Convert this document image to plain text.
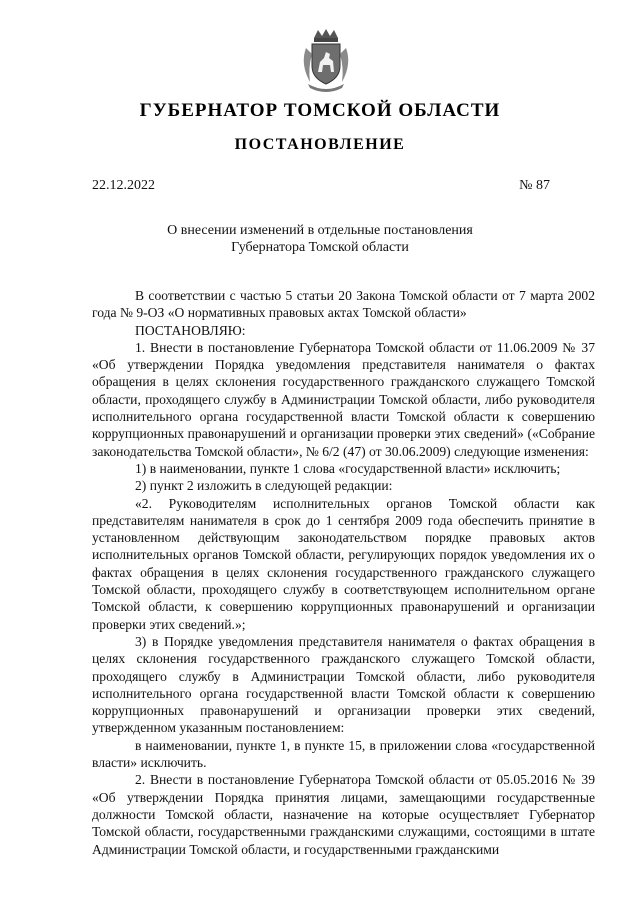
ГУБЕРНАТОР ТОМСКОЙ ОБЛАСТИ
ПОСТАНОВЛЕНИЕ
22.12.2022	№ 87
О внесении изменений в отдельные постановления
Губернатора Томской области

В соответствии с частью 5 статьи 20 Закона Томской области от 7 марта 2002 года № 9-ОЗ «О нормативных правовых актах Томской области»

ПОСТАНОВЛЯЮ:

1. Внести в постановление Губернатора Томской области от 11.06.2009 № 37 «Об утверждении Порядка уведомления представителя нанимателя о фактах обращения в целях склонения государственного гражданского служащего Томской области, проходящего службу в Администрации Томской области, либо руководителя исполнительного органа государственной власти Томской области к совершению коррупционных правонарушений и организации проверки этих сведений» («Собрание законодательства Томской области», № 6/2 (47) от 30.06.2009) следующие изменения:

1) в наименовании, пункте 1 слова «государственной власти» исключить;

2) пункт 2 изложить в следующей редакции:

«2. Руководителям исполнительных органов Томской области как представителям нанимателя в срок до 1 сентября 2009 года обеспечить принятие в установленном действующим законодательством порядке правовых актов исполнительных органов Томской области, регулирующих порядок уведомления их о фактах обращения в целях склонения государственного гражданского служащего Томской области, проходящего службу в соответствующем исполнительном органе Томской области, к совершению коррупционных правонарушений и организации проверки этих сведений.»;

3) в Порядке уведомления представителя нанимателя о фактах обращения в целях склонения государственного гражданского служащего Томской области, проходящего службу в Администрации Томской области, либо руководителя исполнительного органа государственной власти Томской области к совершению коррупционных правонарушений и организации проверки этих сведений, утвержденном указанным постановлением:

в наименовании, пункте 1, в пункте 15, в приложении слова «государственной власти» исключить.

2. Внести в постановление Губернатора Томской области от 05.05.2016 № 39 «Об утверждении Порядка принятия лицами, замещающими государственные должности Томской области, назначение на которые осуществляет Губернатор Томской области, государственными гражданскими служащими, состоящими в штате Администрации Томской области, и государственными гражданскими
